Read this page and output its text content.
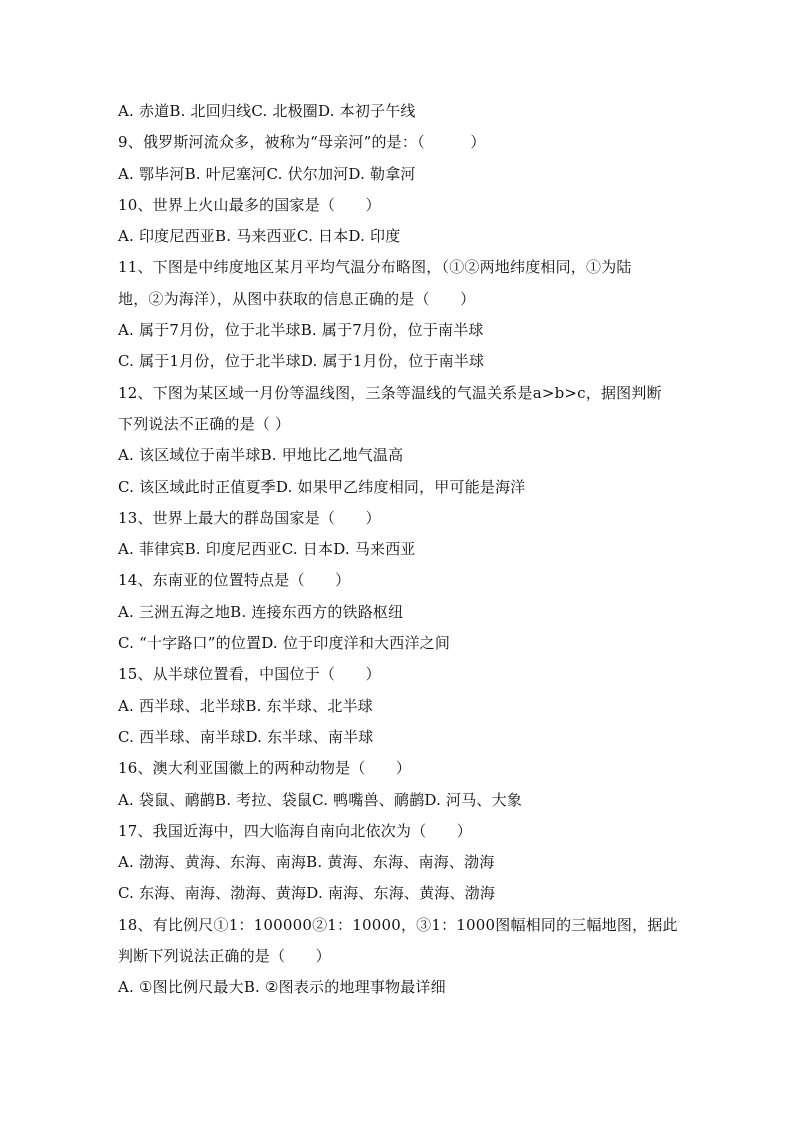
A. 赤道B. 北回归线C. 北极圈D. 本初子午线
9、俄罗斯河流众多，被称为“母亲河”的是：（　　　）
A. 鄂毕河B. 叶尼塞河C. 伏尔加河D. 勒拿河
10、世界上火山最多的国家是（　　）
A. 印度尼西亚B. 马来西亚C. 日本D. 印度
11、下图是中纬度地区某月平均气温分布略图，（①②两地纬度相同，①为陆
地，②为海洋），从图中获取的信息正确的是（　　）
A. 属于7月份，位于北半球B. 属于7月份，位于南半球
C. 属于1月份，位于北半球D. 属于1月份，位于南半球
12、下图为某区域一月份等温线图，三条等温线的气温关系是a>b>c，据图判断
下列说法不正确的是（ ）
A. 该区域位于南半球B. 甲地比乙地气温高
C. 该区域此时正值夏季D. 如果甲乙纬度相同，甲可能是海洋
13、世界上最大的群岛国家是（　　）
A. 菲律宾B. 印度尼西亚C. 日本D. 马来西亚
14、东南亚的位置特点是（　　）
A. 三洲五海之地B. 连接东西方的铁路枢纽
C. “十字路口”的位置D. 位于印度洋和大西洋之间
15、从半球位置看，中国位于（　　）
A. 西半球、北半球B. 东半球、北半球
C. 西半球、南半球D. 东半球、南半球
16、澳大利亚国徽上的两种动物是（　　）
A. 袋鼠、鸸鹋B. 考拉、袋鼠C. 鸭嘴兽、鸸鹋D. 河马、大象
17、我国近海中，四大临海自南向北依次为（　　）
A. 渤海、黄海、东海、南海B. 黄海、东海、南海、渤海
C. 东海、南海、渤海、黄海D. 南海、东海、黄海、渤海
18、有比例尺①1：100000②1：10000，③1：1000图幅相同的三幅地图，据此
判断下列说法正确的是（　　）
A. ①图比例尺最大B. ②图表示的地理事物最详细
